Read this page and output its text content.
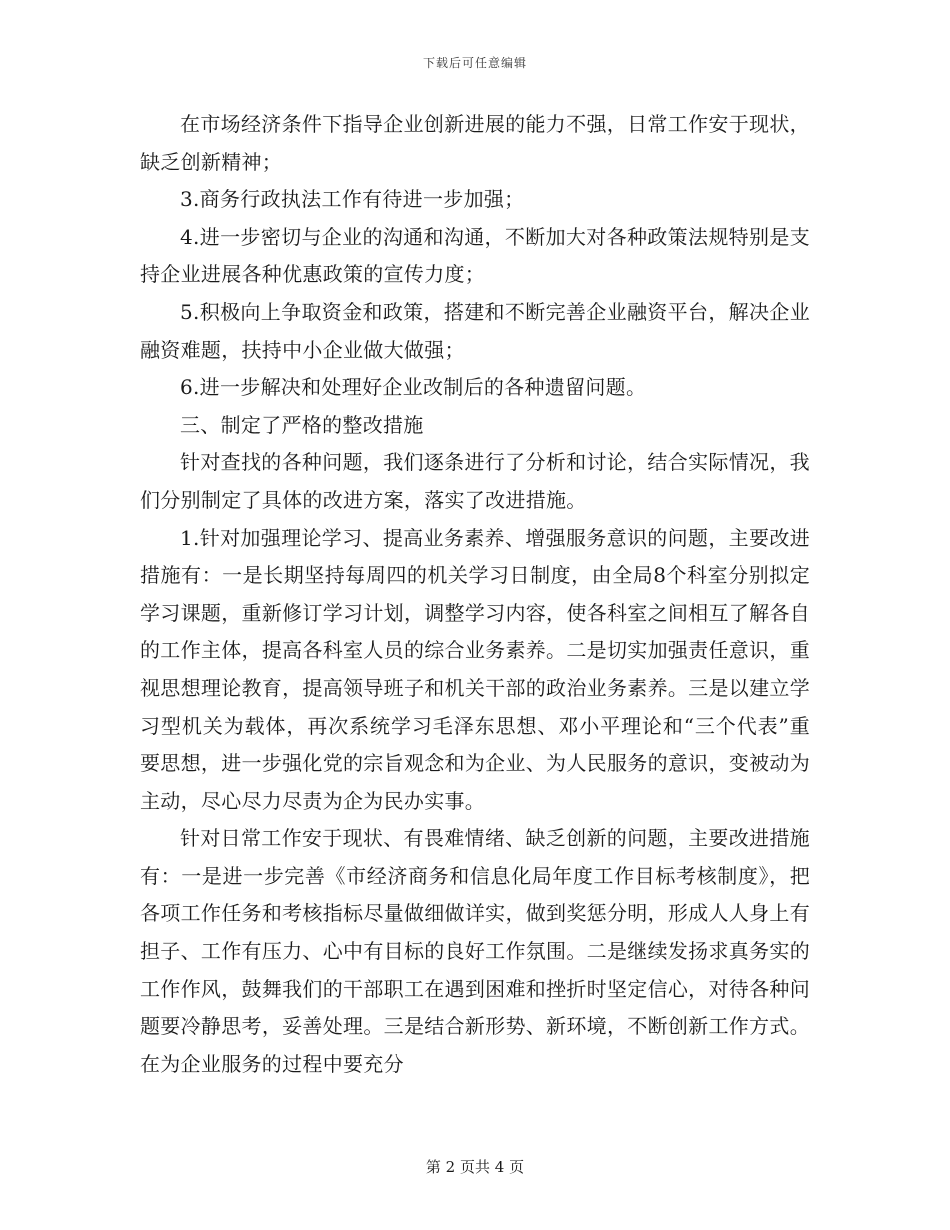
下载后可任意编辑

在市场经济条件下指导企业创新进展的能力不强，日常工作安于现状，缺乏创新精神；

3.商务行政执法工作有待进一步加强；

4.进一步密切与企业的沟通和沟通，不断加大对各种政策法规特别是支持企业进展各种优惠政策的宣传力度；

5.积极向上争取资金和政策，搭建和不断完善企业融资平台，解决企业融资难题，扶持中小企业做大做强；

6.进一步解决和处理好企业改制后的各种遗留问题。

三、制定了严格的整改措施

针对查找的各种问题，我们逐条进行了分析和讨论，结合实际情况，我们分别制定了具体的改进方案，落实了改进措施。

1.针对加强理论学习、提高业务素养、增强服务意识的问题，主要改进措施有：一是长期坚持每周四的机关学习日制度，由全局8个科室分别拟定学习课题，重新修订学习计划，调整学习内容，使各科室之间相互了解各自的工作主体，提高各科室人员的综合业务素养。二是切实加强责任意识，重视思想理论教育，提高领导班子和机关干部的政治业务素养。三是以建立学习型机关为载体，再次系统学习毛泽东思想、邓小平理论和“三个代表”重要思想，进一步强化党的宗旨观念和为企业、为人民服务的意识，变被动为主动，尽心尽力尽责为企为民办实事。

针对日常工作安于现状、有畏难情绪、缺乏创新的问题，主要改进措施有：一是进一步完善《市经济商务和信息化局年度工作目标考核制度》，把各项工作任务和考核指标尽量做细做详实，做到奖惩分明，形成人人身上有担子、工作有压力、心中有目标的良好工作氛围。二是继续发扬求真务实的工作作风，鼓舞我们的干部职工在遇到困难和挫折时坚定信心，对待各种问题要冷静思考，妥善处理。三是结合新形势、新环境，不断创新工作方式。在为企业服务的过程中要充分

第 2 页共 4 页
